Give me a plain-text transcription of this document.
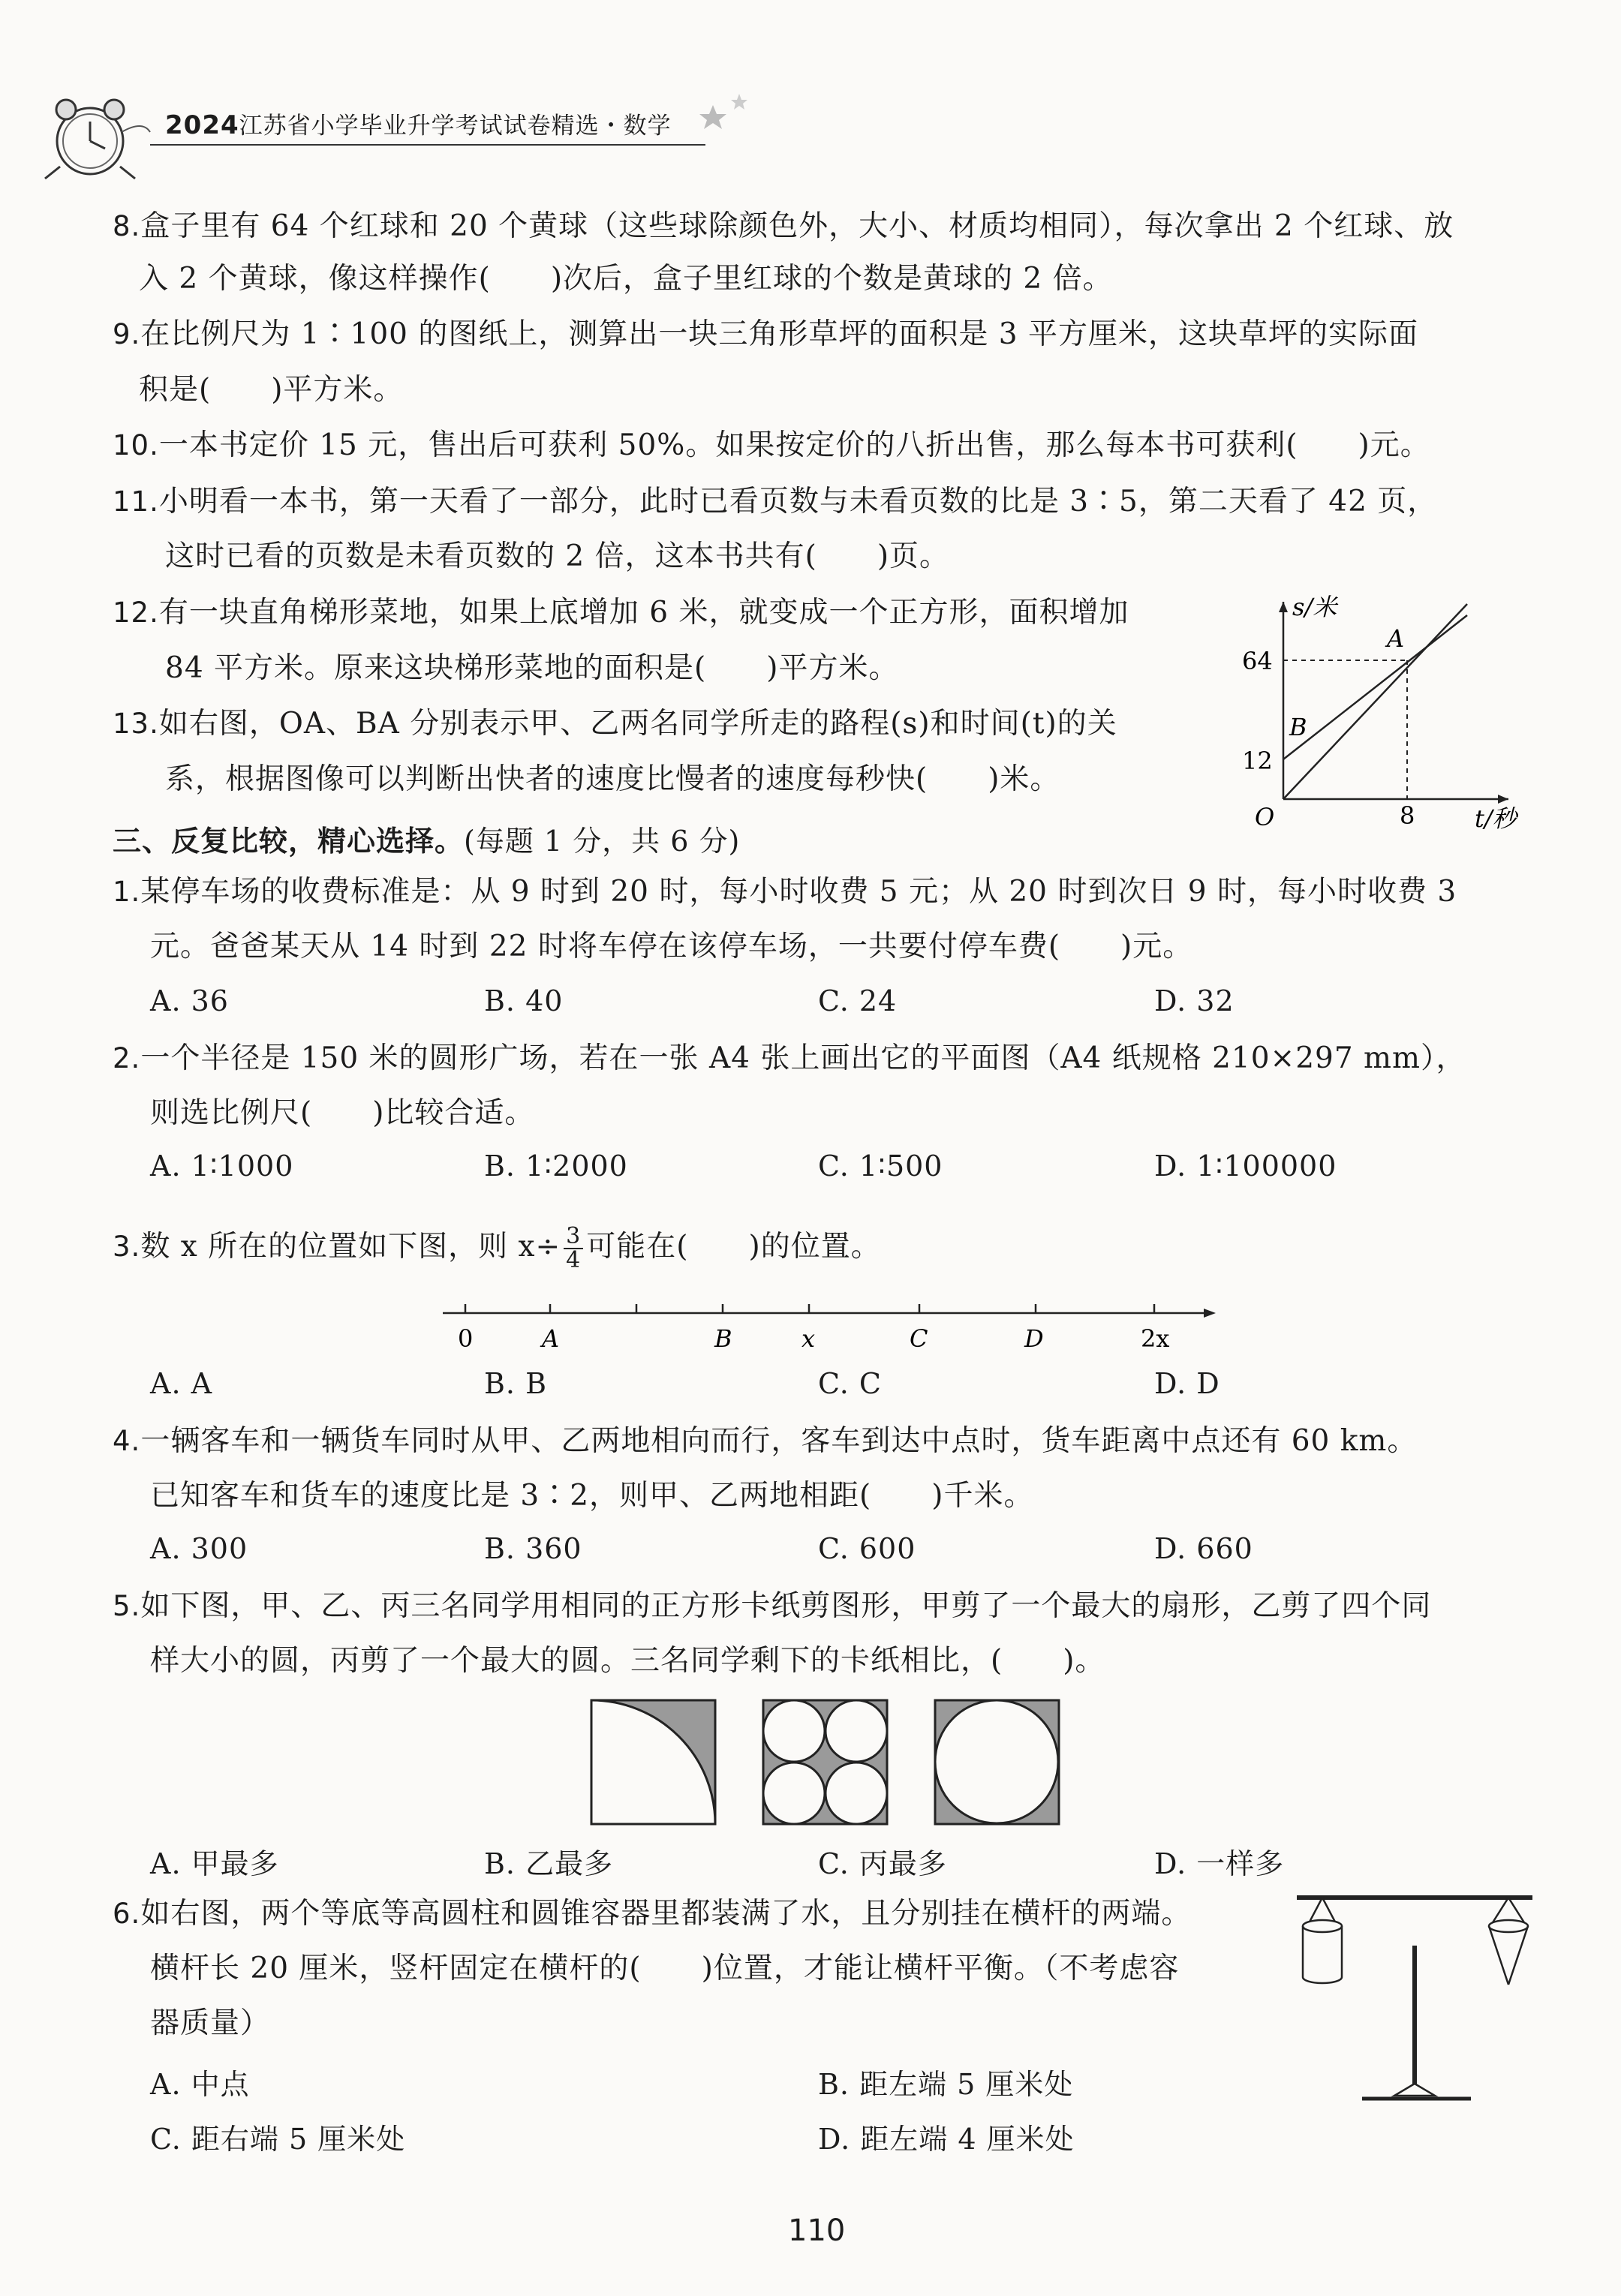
2024江苏省小学毕业升学考试试卷精选・数学
8.盒子里有 64 个红球和 20 个黄球（这些球除颜色外，大小、材质均相同），每次拿出 2 个红球、放
入 2 个黄球，像这样操作(　　)次后，盒子里红球的个数是黄球的 2 倍。
9.在比例尺为 1∶100 的图纸上，测算出一块三角形草坪的面积是 3 平方厘米，这块草坪的实际面
积是(　　)平方米。
10.一本书定价 15 元，售出后可获利 50%。如果按定价的八折出售，那么每本书可获利(　　)元。
11.小明看一本书，第一天看了一部分，此时已看页数与未看页数的比是 3∶5，第二天看了 42 页，
这时已看的页数是未看页数的 2 倍，这本书共有(　　)页。
12.有一块直角梯形菜地，如果上底增加 6 米，就变成一个正方形，面积增加
84 平方米。原来这块梯形菜地的面积是(　　)平方米。
13.如右图，OA、BA 分别表示甲、乙两名同学所走的路程(s)和时间(t)的关
系，根据图像可以判断出快者的速度比慢者的速度每秒快(　　)米。
s/米
t/秒
O
64
12
8
A
B
三、反复比较，精心选择。(每题 1 分，共 6 分)
1.某停车场的收费标准是：从 9 时到 20 时，每小时收费 5 元；从 20 时到次日 9 时，每小时收费 3
元。爸爸某天从 14 时到 22 时将车停在该停车场，一共要付停车费(　　)元。
A. 36	B. 40	C. 24	D. 32
2.一个半径是 150 米的圆形广场，若在一张 A4 张上画出它的平面图（A4 纸规格 210×297 mm），
则选比例尺(　　)比较合适。
A. 1∶1000	B. 1∶2000	C. 1∶500	D. 1∶100000
3.数 x 所在的位置如下图，则 $x\div \frac{3}{4}$ 可能在(　　)的位置。
0	A	B	x	C	D	2x
A. A	B. B	C. C	D. D
4.一辆客车和一辆货车同时从甲、乙两地相向而行，客车到达中点时，货车距离中点还有 60 km。
已知客车和货车的速度比是 3∶2，则甲、乙两地相距(　　)千米。
A. 300	B. 360	C. 600	D. 660
5.如下图，甲、乙、丙三名同学用相同的正方形卡纸剪图形，甲剪了一个最大的扇形，乙剪了四个同
样大小的圆，丙剪了一个最大的圆。三名同学剩下的卡纸相比，(　　)。
A. 甲最多	B. 乙最多	C. 丙最多	D. 一样多
6.如右图，两个等底等高圆柱和圆锥容器里都装满了水，且分别挂在横杆的两端。
横杆长 20 厘米，竖杆固定在横杆的(　　)位置，才能让横杆平衡。（不考虑容
器质量）
A. 中点	B. 距左端 5 厘米处
C. 距右端 5 厘米处	D. 距左端 4 厘米处
110
